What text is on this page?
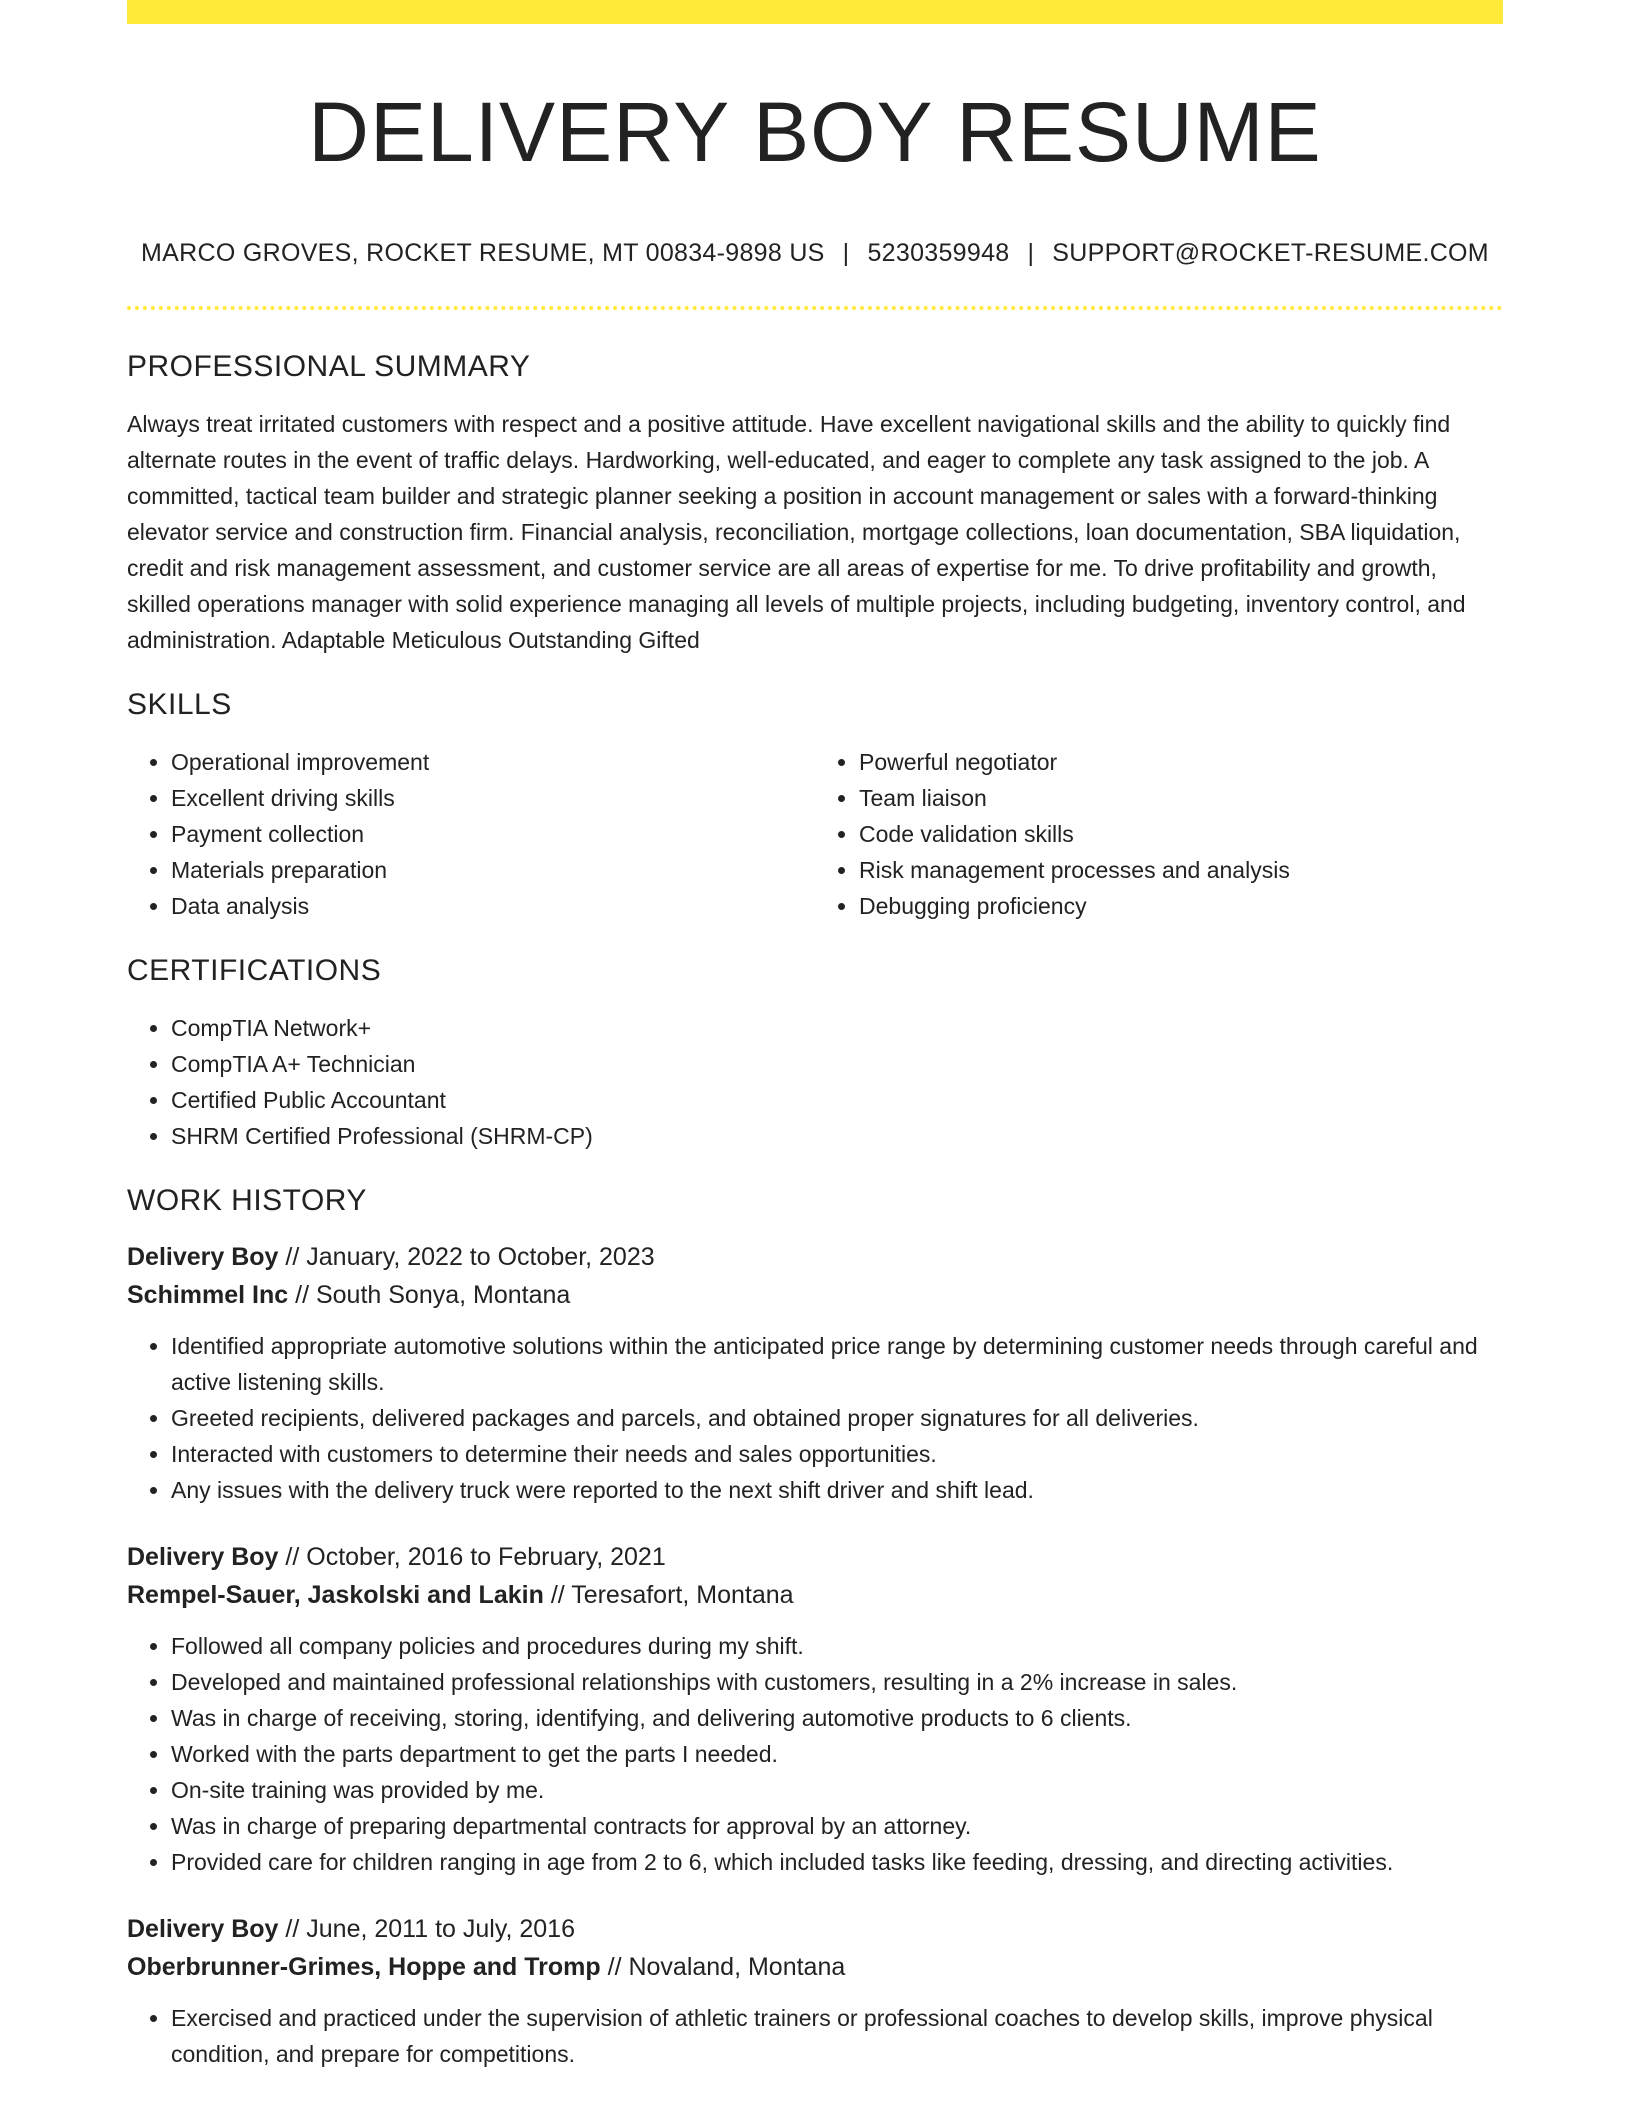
DELIVERY BOY RESUME
MARCO GROVES, ROCKET RESUME, MT 00834-9898 US | 5230359948 | SUPPORT@ROCKET-RESUME.COM
PROFESSIONAL SUMMARY

Always treat irritated customers with respect and a positive attitude. Have excellent navigational skills and the ability to quickly find alternate routes in the event of traffic delays. Hardworking, well-educated, and eager to complete any task assigned to the job. A committed, tactical team builder and strategic planner seeking a position in account management or sales with a forward-thinking elevator service and construction firm. Financial analysis, reconciliation, mortgage collections, loan documentation, SBA liquidation, credit and risk management assessment, and customer service are all areas of expertise for me. To drive profitability and growth, skilled operations manager with solid experience managing all levels of multiple projects, including budgeting, inventory control, and administration. Adaptable Meticulous Outstanding Gifted

SKILLS
• Operational improvement
• Excellent driving skills
• Payment collection
• Materials preparation
• Data analysis
• Powerful negotiator
• Team liaison
• Code validation skills
• Risk management processes and analysis
• Debugging proficiency
CERTIFICATIONS
• CompTIA Network+
• CompTIA A+ Technician
• Certified Public Accountant
• SHRM Certified Professional (SHRM-CP)
WORK HISTORY
Delivery Boy // January, 2022 to October, 2023
Schimmel Inc // South Sonya, Montana
• Identified appropriate automotive solutions within the anticipated price range by determining customer needs through careful and active listening skills.
• Greeted recipients, delivered packages and parcels, and obtained proper signatures for all deliveries.
• Interacted with customers to determine their needs and sales opportunities.
• Any issues with the delivery truck were reported to the next shift driver and shift lead.
Delivery Boy // October, 2016 to February, 2021
Rempel-Sauer, Jaskolski and Lakin // Teresafort, Montana
• Followed all company policies and procedures during my shift.
• Developed and maintained professional relationships with customers, resulting in a 2% increase in sales.
• Was in charge of receiving, storing, identifying, and delivering automotive products to 6 clients.
• Worked with the parts department to get the parts I needed.
• On-site training was provided by me.
• Was in charge of preparing departmental contracts for approval by an attorney.
• Provided care for children ranging in age from 2 to 6, which included tasks like feeding, dressing, and directing activities.
Delivery Boy // June, 2011 to July, 2016
Oberbrunner-Grimes, Hoppe and Tromp // Novaland, Montana
• Exercised and practiced under the supervision of athletic trainers or professional coaches to develop skills, improve physical condition, and prepare for competitions.
